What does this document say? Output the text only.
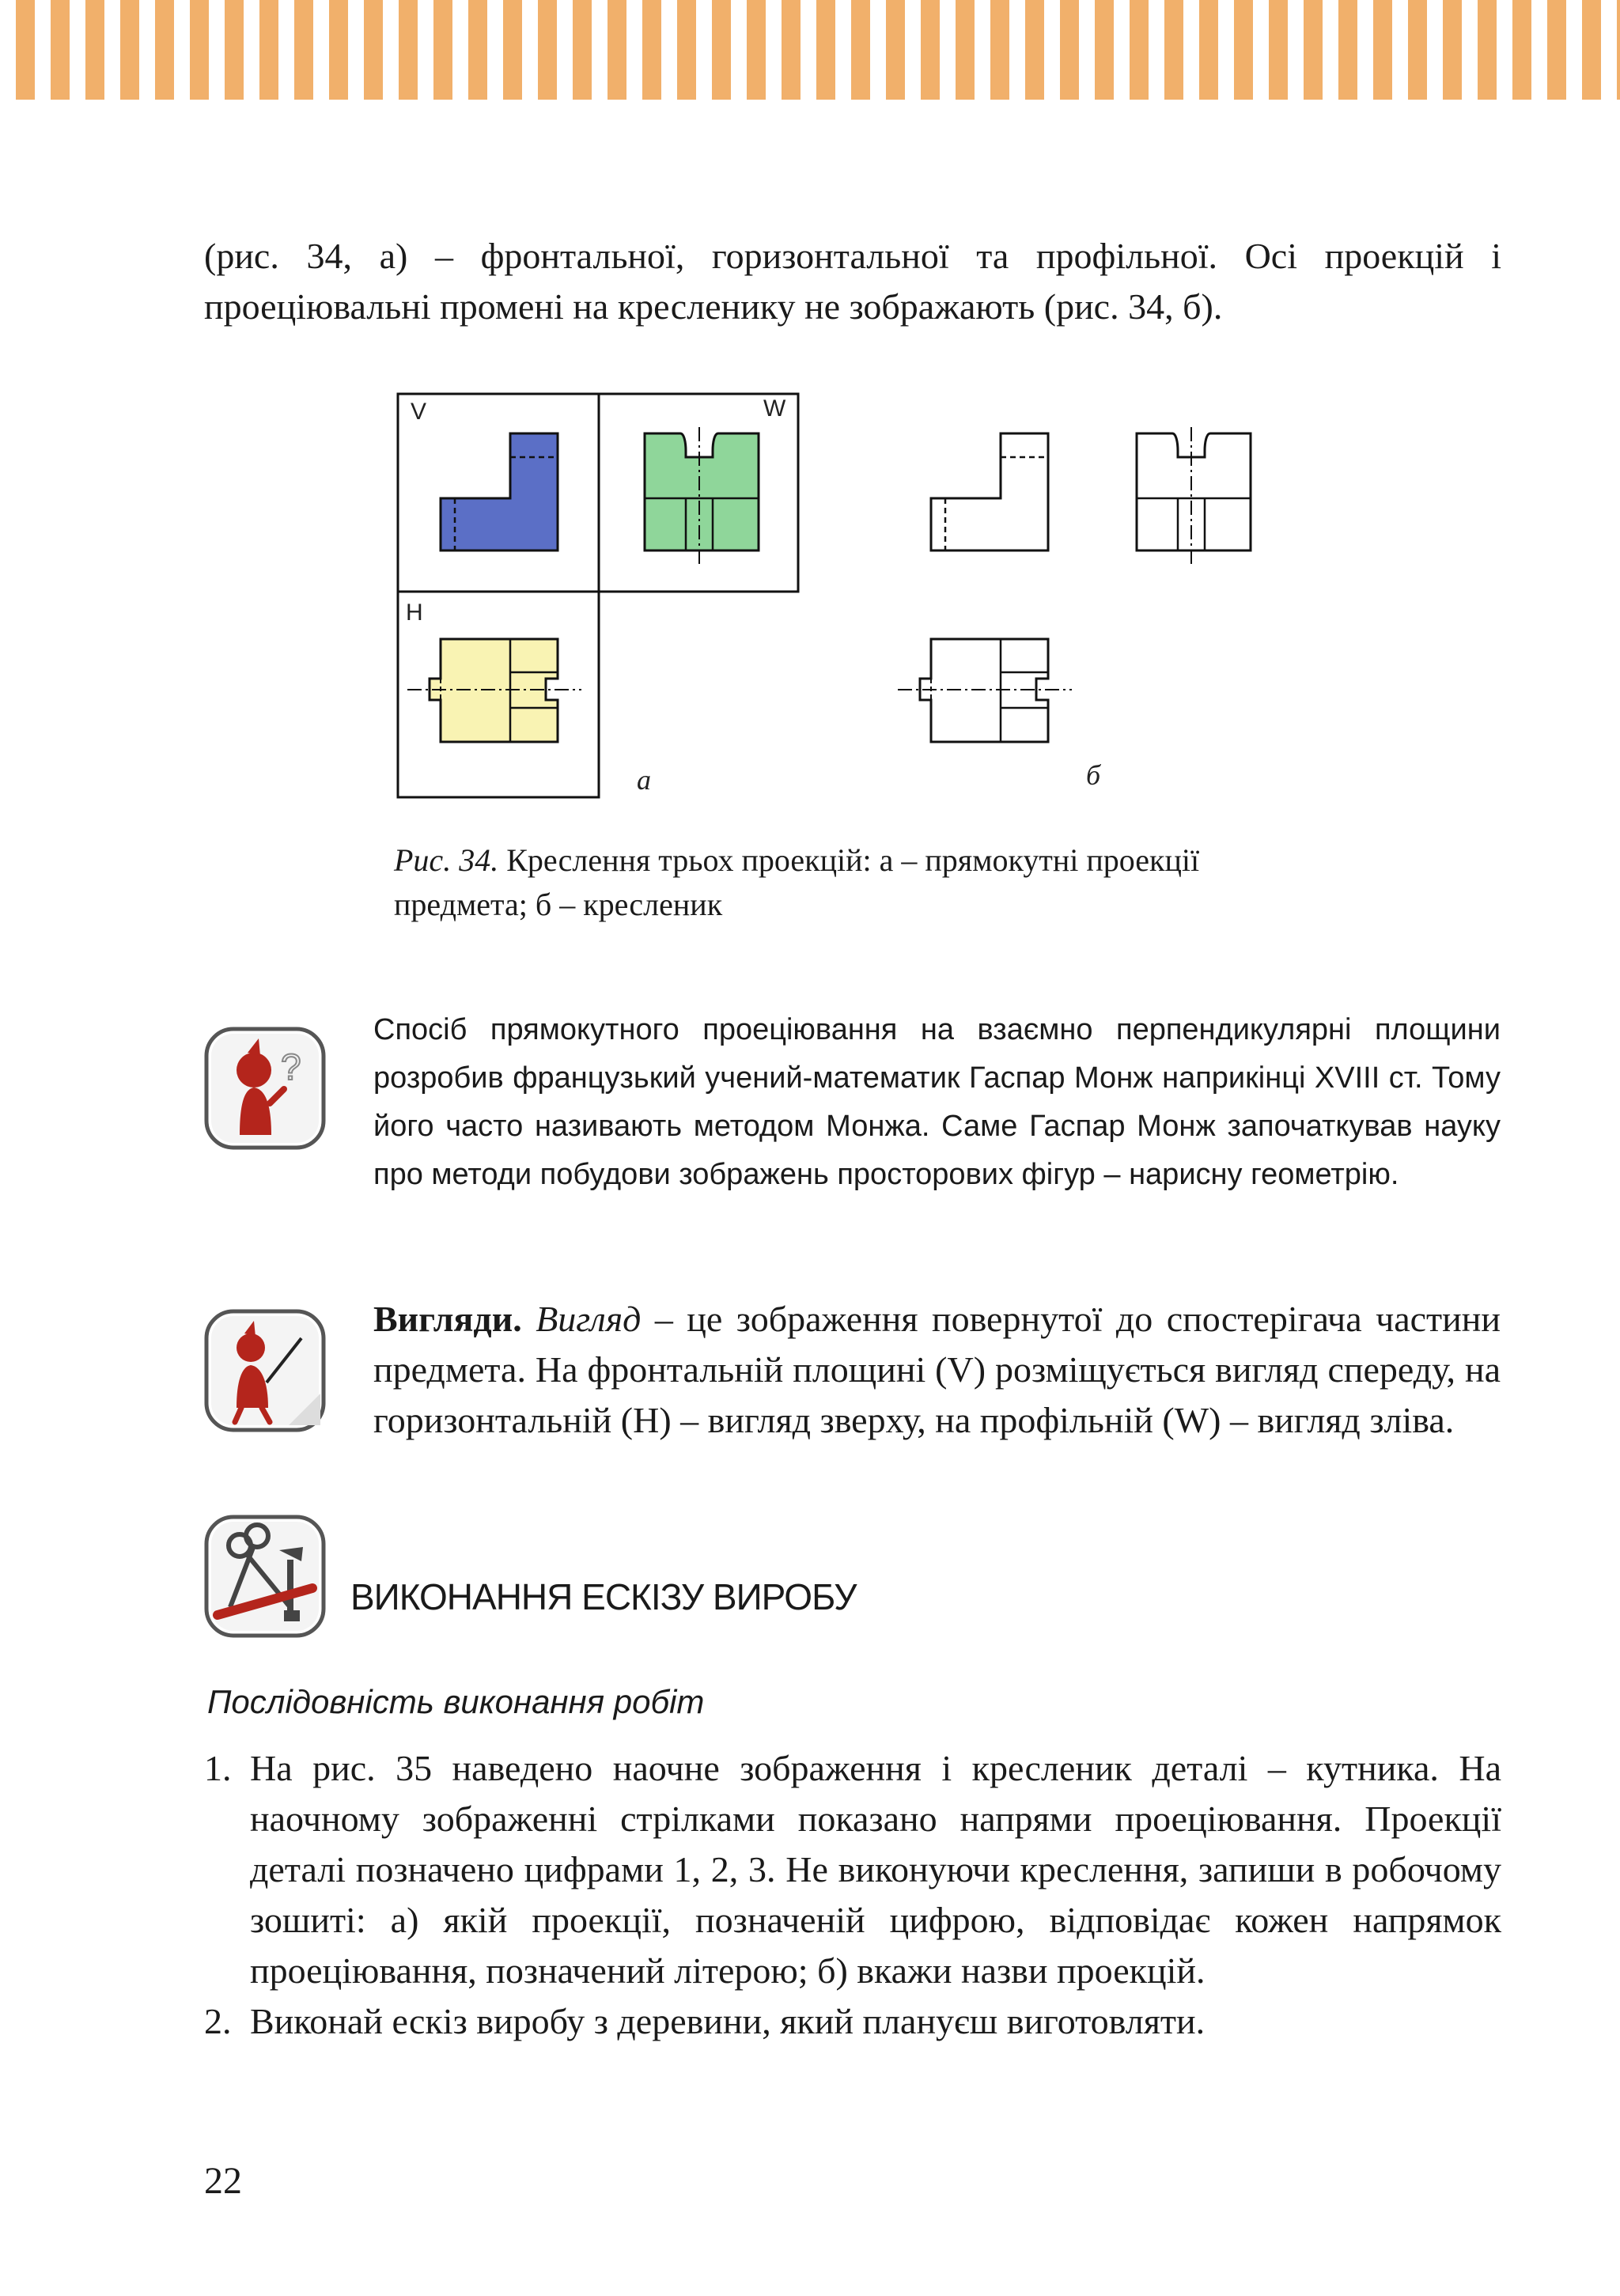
(рис. 34, а) – фронтальної, горизонтальної та профільної. Осі проекцій і проеціювальні промені на кресленику не зображають (рис. 34, б).
V	W
H
а	б
Рис. 34. Креслення трьох проекцій: а – прямокутні проекції предмета; б – кресленик
?
Спосіб прямокутного проеціювання на взаємно перпендикулярні площини розробив французький учений-математик Гаспар Монж наприкінці XVIII ст. Тому його часто називають методом Монжа. Саме Гаспар Монж започаткував науку про методи побудови зображень просторових фігур – нарисну геометрію.
Вигляди. Вигляд – це зображення повернутої до спостерігача частини предмета. На фронтальній площині (V) розміщується вигляд спереду, на горизонтальній (H) – вигляд зверху, на профільній (W) – вигляд зліва.
ВИКОНАННЯ ЕСКІЗУ ВИРОБУ
Послідовність виконання робіт
1. На рис. 35 наведено наочне зображення і кресленик деталі – кутника. На наочному зображенні стрілками показано напрями проеціювання. Проекції деталі позначено цифрами 1, 2, 3. Не виконуючи креслення, запиши в робочому зошиті: а) якій проекції, позначеній цифрою, відповідає кожен напрямок проеціювання, позначений літерою; б) вкажи назви проекцій.
2. Виконай ескіз виробу з деревини, який плануєш виготовляти.
22
